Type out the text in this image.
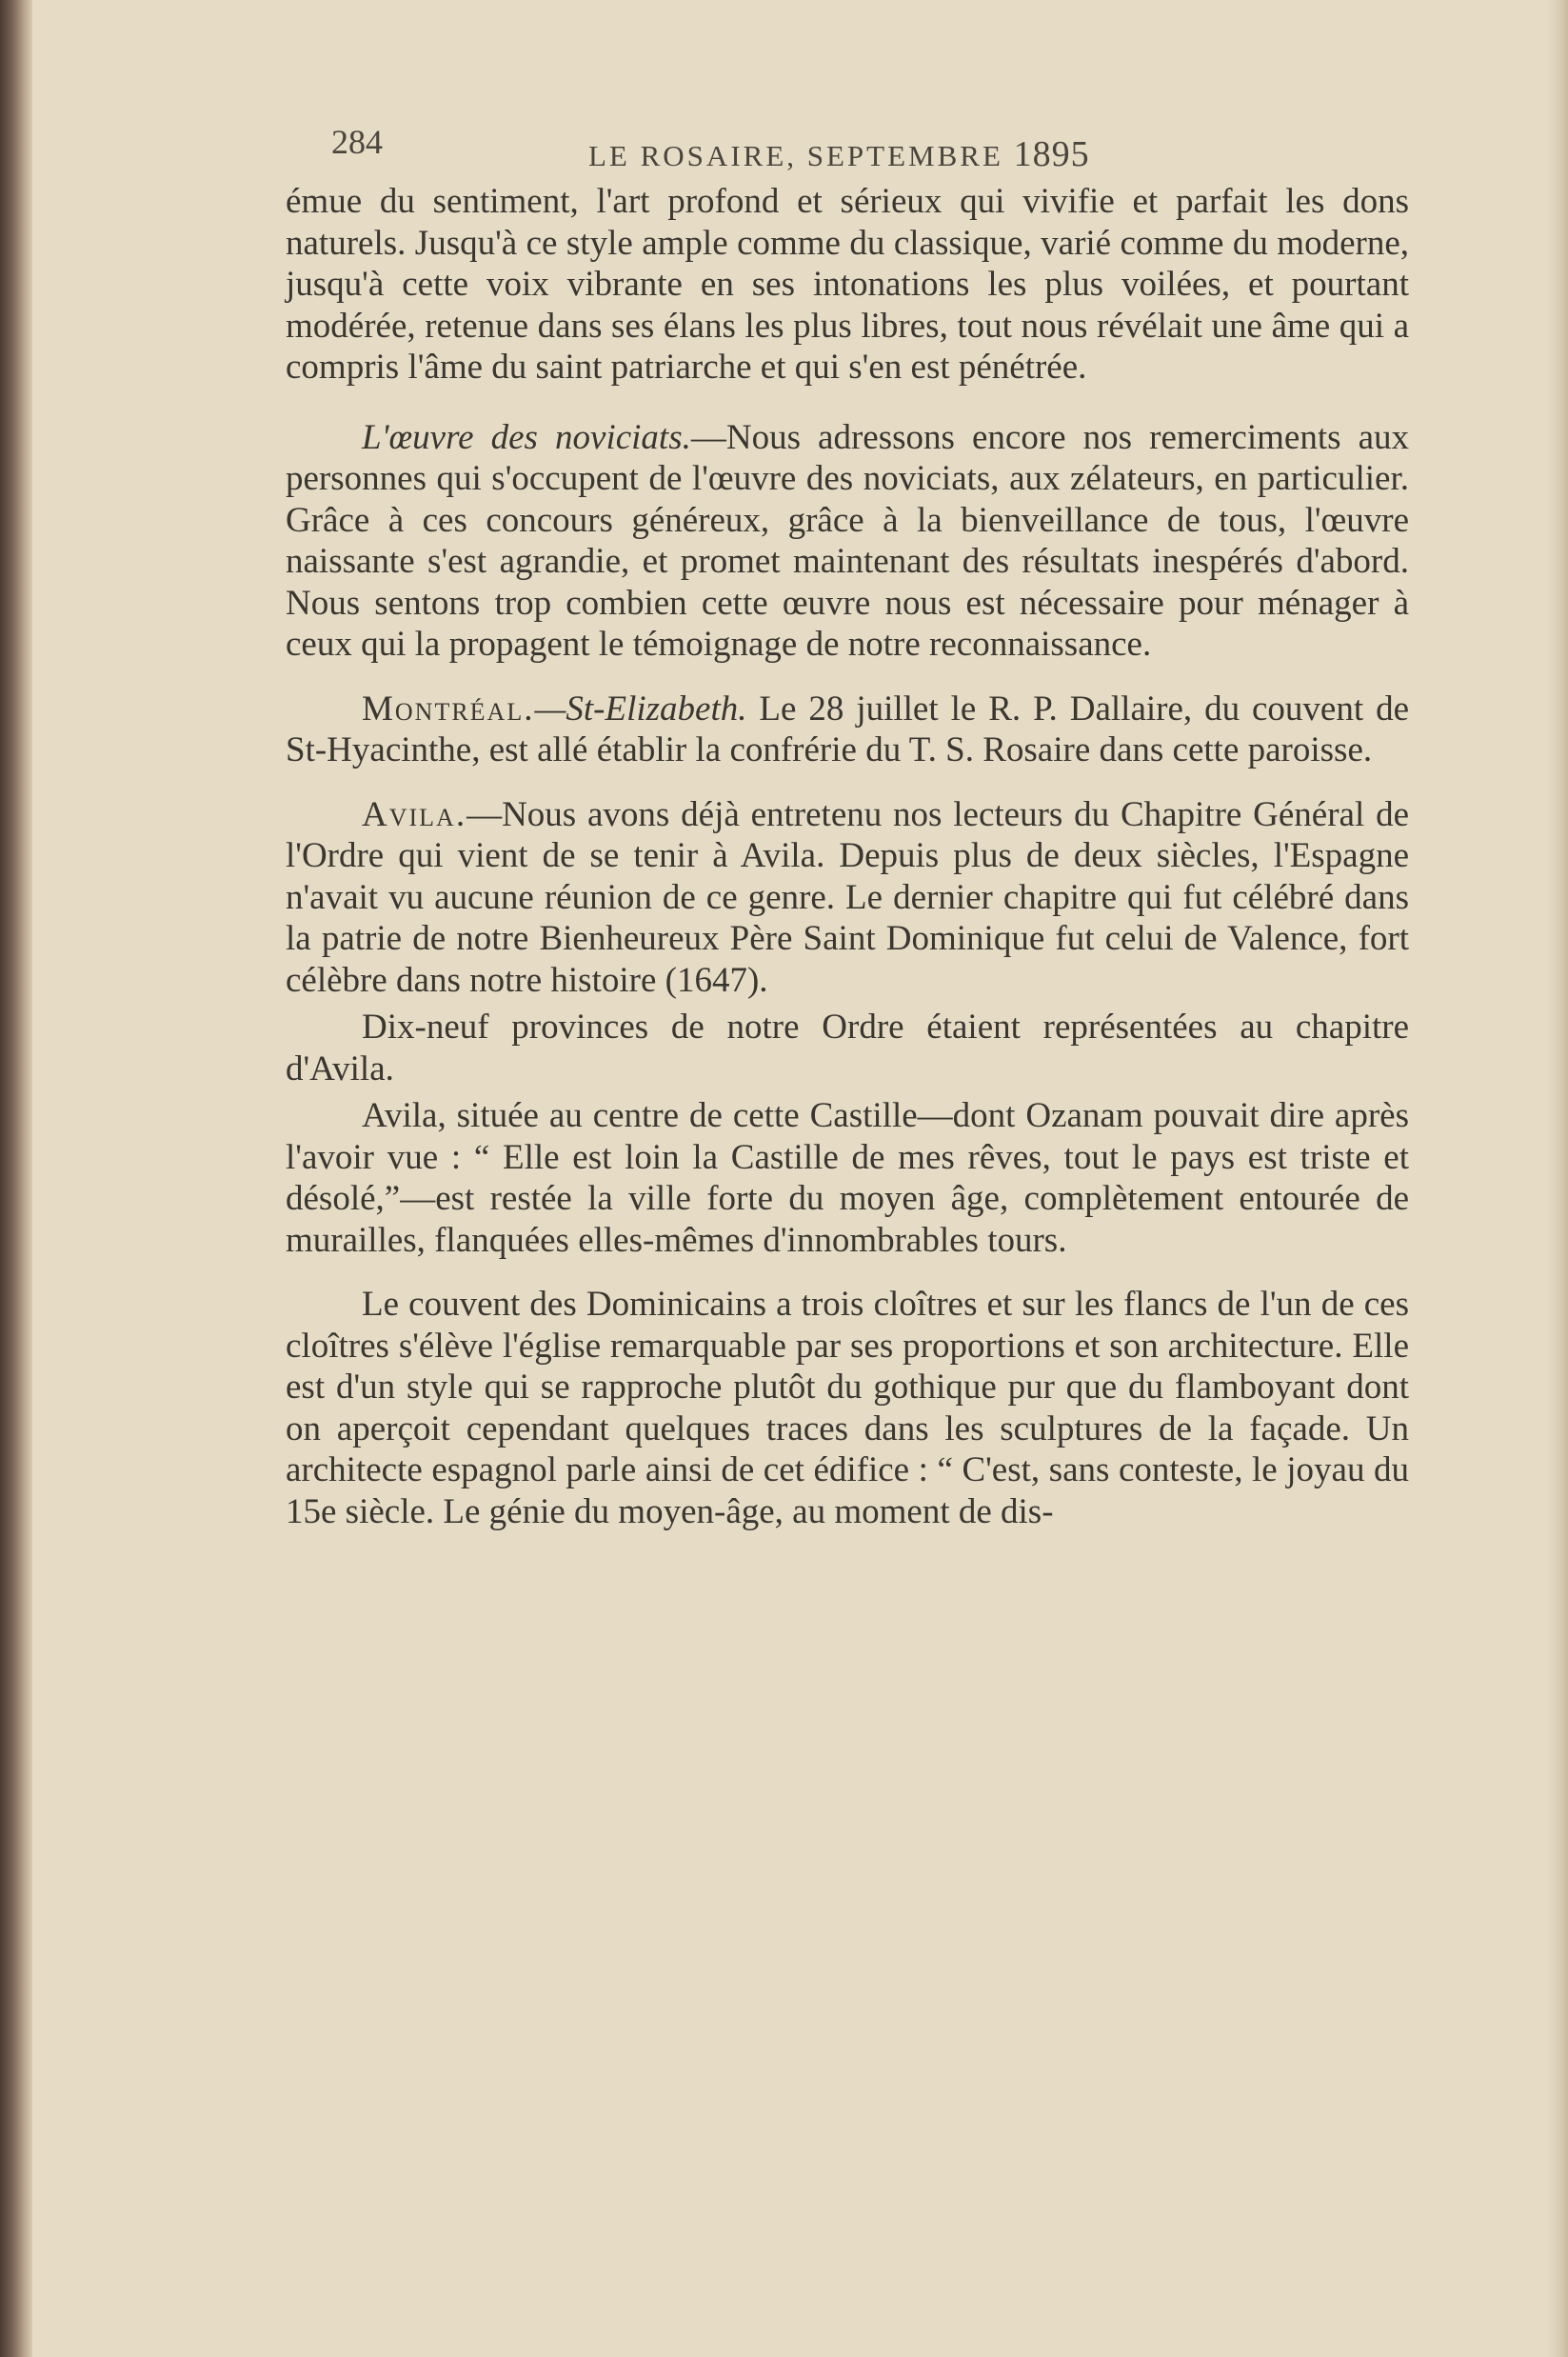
284	LE ROSAIRE, SEPTEMBRE 1895

émue du sentiment, l'art profond et sérieux qui vivifie et parfait les dons naturels. Jusqu'à ce style ample comme du classique, varié comme du moderne, jusqu'à cette voix vibrante en ses intonations les plus voilées, et pourtant modérée, retenue dans ses élans les plus libres, tout nous révélait une âme qui a compris l'âme du saint patriarche et qui s'en est pénétrée.

L'œuvre des noviciats.—Nous adressons encore nos remerciments aux personnes qui s'occupent de l'œuvre des noviciats, aux zélateurs, en particulier. Grâce à ces concours généreux, grâce à la bienveillance de tous, l'œuvre naissante s'est agrandie, et promet maintenant des résultats inespérés d'abord. Nous sentons trop combien cette œuvre nous est nécessaire pour ménager à ceux qui la propagent le témoignage de notre reconnaissance.

Montréal.—St-Elizabeth. Le 28 juillet le R. P. Dallaire, du couvent de St-Hyacinthe, est allé établir la confrérie du T. S. Rosaire dans cette paroisse.

Avila.—Nous avons déjà entretenu nos lecteurs du Chapitre Général de l'Ordre qui vient de se tenir à Avila. Depuis plus de deux siècles, l'Espagne n'avait vu aucune réunion de ce genre. Le dernier chapitre qui fut célébré dans la patrie de notre Bienheureux Père Saint Dominique fut celui de Valence, fort célèbre dans notre histoire (1647).

Dix-neuf provinces de notre Ordre étaient représentées au chapitre d'Avila.

Avila, située au centre de cette Castille—dont Ozanam pouvait dire après l'avoir vue : “ Elle est loin la Castille de mes rêves, tout le pays est triste et désolé,”—est restée la ville forte du moyen âge, complètement entourée de murailles, flanquées elles-mêmes d'innombrables tours.

Le couvent des Dominicains a trois cloîtres et sur les flancs de l'un de ces cloîtres s'élève l'église remarquable par ses proportions et son architecture. Elle est d'un style qui se rapproche plutôt du gothique pur que du flamboyant dont on aperçoit cependant quelques traces dans les sculptures de la façade. Un architecte espagnol parle ainsi de cet édifice : “ C'est, sans conteste, le joyau du 15e siècle. Le génie du moyen-âge, au moment de dis-
